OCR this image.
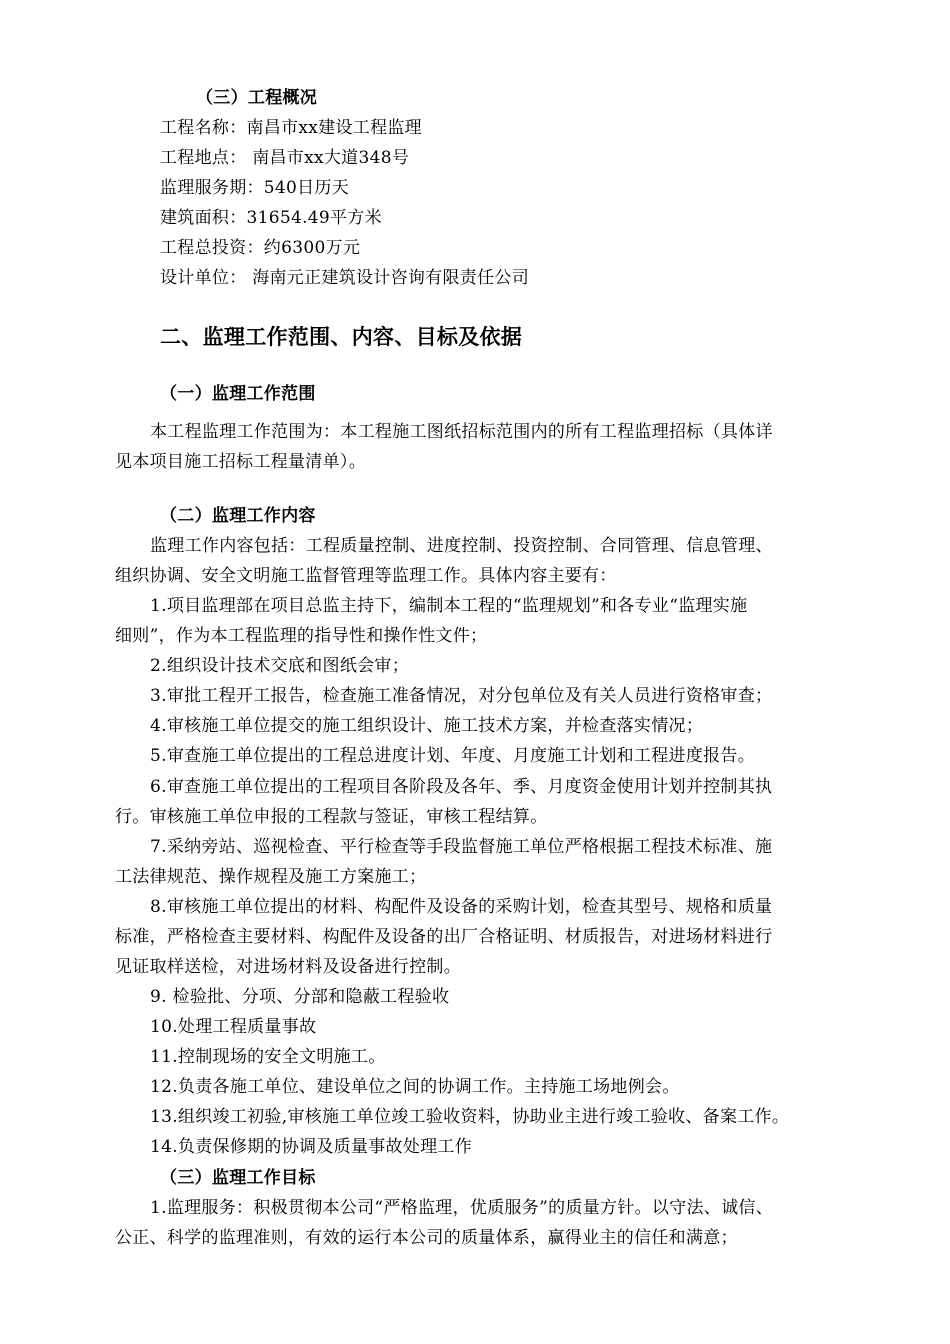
（三）工程概况
工程名称：南昌市xx建设工程监理
工程地点： 南昌市xx大道348号
监理服务期：540日历天
建筑面积：31654.49平方米
工程总投资：约6300万元
设计单位： 海南元正建筑设计咨询有限责任公司
二、监理工作范围、内容、目标及依据
（一）监理工作范围
本工程监理工作范围为：本工程施工图纸招标范围内的所有工程监理招标（具体详
见本项目施工招标工程量清单）。
（二）监理工作内容
监理工作内容包括：工程质量控制、进度控制、投资控制、合同管理、信息管理、
组织协调、安全文明施工监督管理等监理工作。具体内容主要有：
1.项目监理部在项目总监主持下，编制本工程的“监理规划”和各专业“监理实施
细则”，作为本工程监理的指导性和操作性文件；
2.组织设计技术交底和图纸会审；
3.审批工程开工报告，检查施工准备情况，对分包单位及有关人员进行资格审查；
4.审核施工单位提交的施工组织设计、施工技术方案，并检查落实情况；
5.审查施工单位提出的工程总进度计划、年度、月度施工计划和工程进度报告。
6.审查施工单位提出的工程项目各阶段及各年、季、月度资金使用计划并控制其执
行。审核施工单位申报的工程款与签证，审核工程结算。
7.采纳旁站、巡视检查、平行检查等手段监督施工单位严格根据工程技术标准、施
工法律规范、操作规程及施工方案施工；
8.审核施工单位提出的材料、构配件及设备的采购计划，检查其型号、规格和质量
标准，严格检查主要材料、构配件及设备的出厂合格证明、材质报告，对进场材料进行
见证取样送检，对进场材料及设备进行控制。
9. 检验批、分项、分部和隐蔽工程验收
10.处理工程质量事故
11.控制现场的安全文明施工。
12.负责各施工单位、建设单位之间的协调工作。主持施工场地例会。
13.组织竣工初验,审核施工单位竣工验收资料，协助业主进行竣工验收、备案工作。
14.负责保修期的协调及质量事故处理工作
（三）监理工作目标
1.监理服务：积极贯彻本公司“严格监理，优质服务”的质量方针。以守法、诚信、
公正、科学的监理准则，有效的运行本公司的质量体系，赢得业主的信任和满意；
